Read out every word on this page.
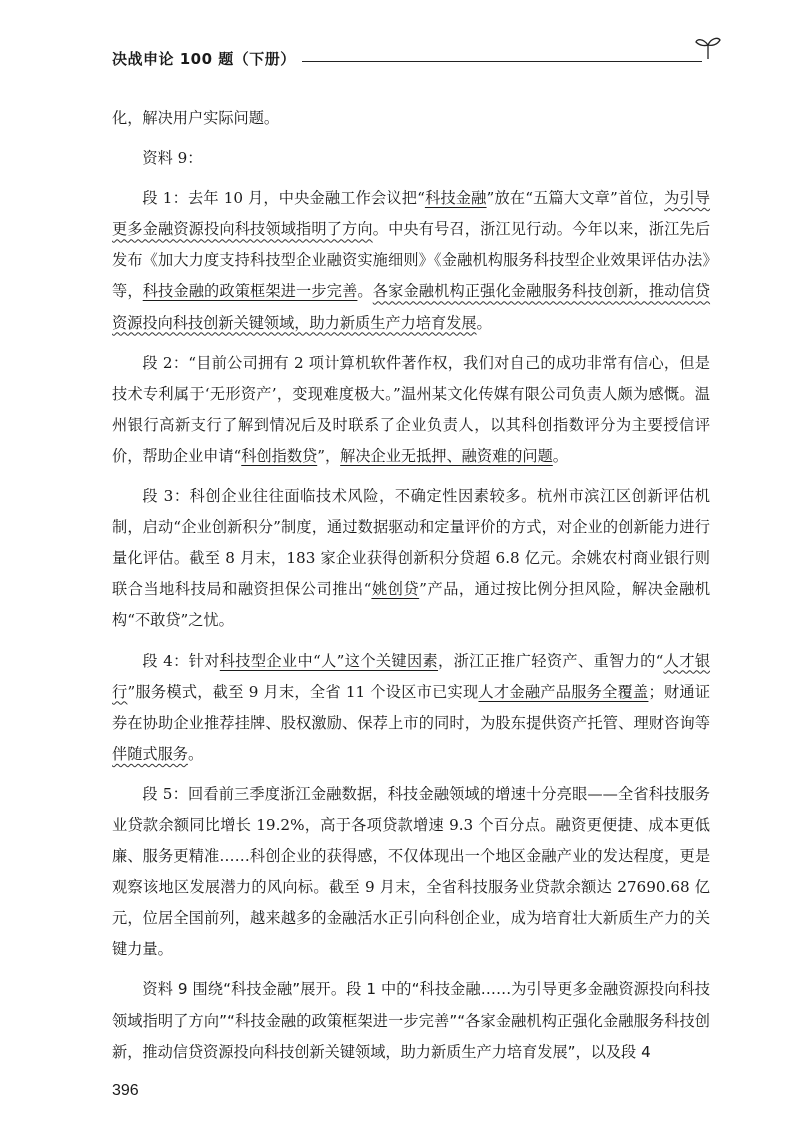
决战申论 100 题（下册）

化，解决用户实际问题。

资料 9：

段 1：去年 10 月，中央金融工作会议把“科技金融”放在“五篇大文章”首位，为引导更多金融资源投向科技领域指明了方向。中央有号召，浙江见行动。今年以来，浙江先后发布《加大力度支持科技型企业融资实施细则》《金融机构服务科技型企业效果评估办法》等，科技金融的政策框架进一步完善。各家金融机构正强化金融服务科技创新，推动信贷资源投向科技创新关键领域，助力新质生产力培育发展。

段 2：“目前公司拥有 2 项计算机软件著作权，我们对自己的成功非常有信心，但是技术专利属于‘无形资产’，变现难度极大。”温州某文化传媒有限公司负责人颇为感慨。温州银行高新支行了解到情况后及时联系了企业负责人，以其科创指数评分为主要授信评价，帮助企业申请“科创指数贷”，解决企业无抵押、融资难的问题。

段 3：科创企业往往面临技术风险，不确定性因素较多。杭州市滨江区创新评估机制，启动“企业创新积分”制度，通过数据驱动和定量评价的方式，对企业的创新能力进行量化评估。截至 8 月末，183 家企业获得创新积分贷超 6.8 亿元。余姚农村商业银行则联合当地科技局和融资担保公司推出“姚创贷”产品，通过按比例分担风险，解决金融机构“不敢贷”之忧。

段 4：针对科技型企业中“人”这个关键因素，浙江正推广轻资产、重智力的“人才银行”服务模式，截至 9 月末，全省 11 个设区市已实现人才金融产品服务全覆盖；财通证券在协助企业推荐挂牌、股权激励、保荐上市的同时，为股东提供资产托管、理财咨询等伴随式服务。

段 5：回看前三季度浙江金融数据，科技金融领域的增速十分亮眼——全省科技服务业贷款余额同比增长 19.2%，高于各项贷款增速 9.3 个百分点。融资更便捷、成本更低廉、服务更精准……科创企业的获得感，不仅体现出一个地区金融产业的发达程度，更是观察该地区发展潜力的风向标。截至 9 月末，全省科技服务业贷款余额达 27690.68 亿元，位居全国前列，越来越多的金融活水正引向科创企业，成为培育壮大新质生产力的关键力量。

资料 9 围绕“科技金融”展开。段 1 中的“科技金融……为引导更多金融资源投向科技领域指明了方向”“科技金融的政策框架进一步完善”“各家金融机构正强化金融服务科技创新，推动信贷资源投向科技创新关键领域，助力新质生产力培育发展”，以及段 4

396
